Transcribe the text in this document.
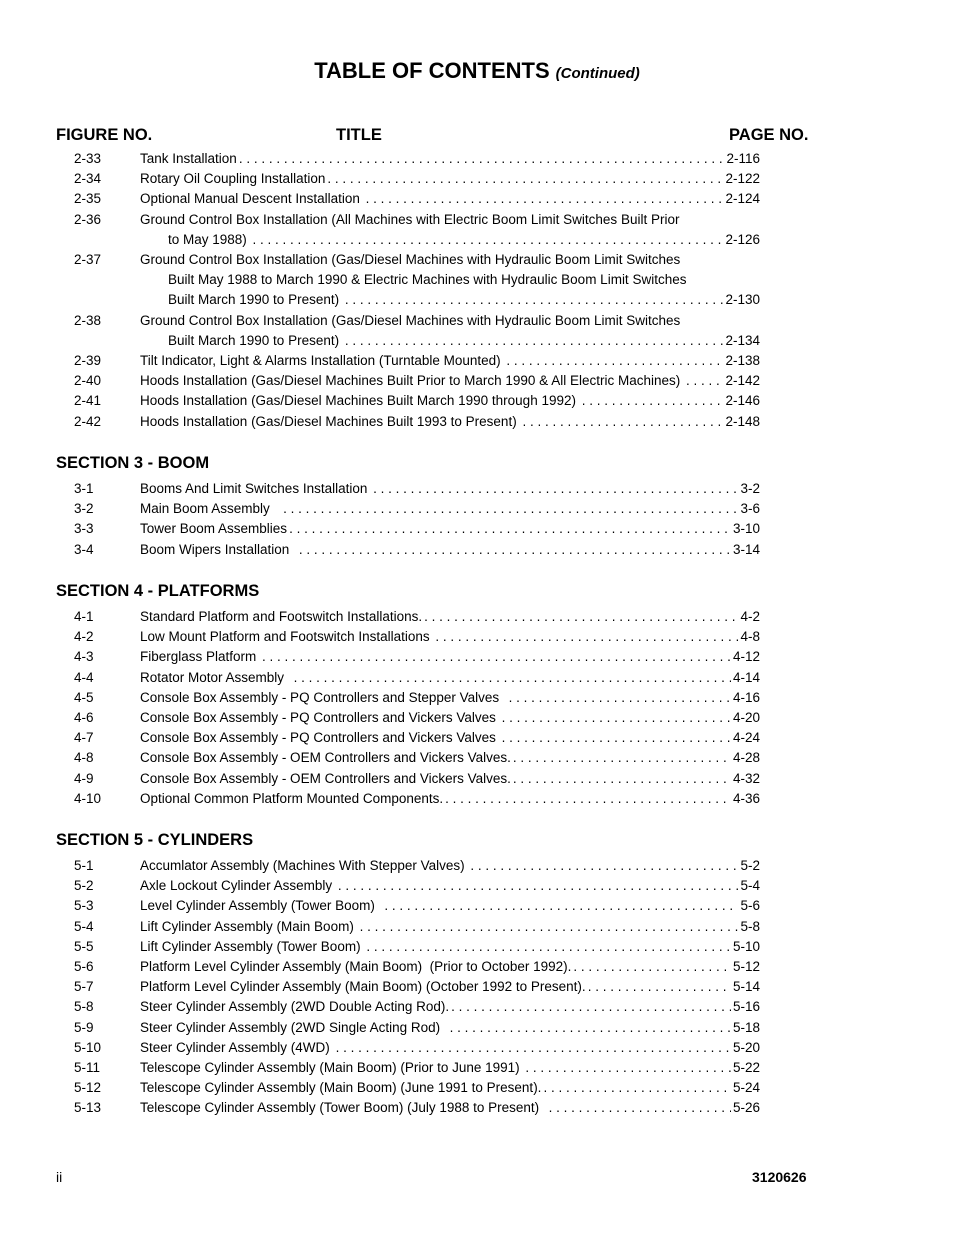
TABLE OF CONTENTS (Continued)
FIGURE NO.	TITLE	PAGE NO.
2-33	Tank Installation . . .	2-116
2-34	Rotary Oil Coupling Installation . . .	2-122
2-35	Optional Manual Descent Installation . . .	2-124
2-36	Ground Control Box Installation (All Machines with Electric Boom Limit Switches Built Prior
to May 1988) . . .	2-126
2-37	Ground Control Box Installation (Gas/Diesel Machines with Hydraulic Boom Limit Switches
Built May 1988 to March 1990 & Electric Machines with Hydraulic Boom Limit Switches
Built March 1990 to Present) . . .	2-130
2-38	Ground Control Box Installation (Gas/Diesel Machines with Hydraulic Boom Limit Switches
Built March 1990 to Present) . . .	2-134
2-39	Tilt Indicator, Light & Alarms Installation (Turntable Mounted) . . .	2-138
2-40	Hoods Installation (Gas/Diesel Machines Built Prior to March 1990 & All Electric Machines) . . .	2-142
2-41	Hoods Installation (Gas/Diesel Machines Built March 1990 through 1992) . . .	2-146
2-42	Hoods Installation (Gas/Diesel Machines Built 1993 to Present) . . .	2-148
SECTION 3 - BOOM
3-1	Booms And Limit Switches Installation . . .	3-2
3-2	Main Boom Assembly . . .	3-6
3-3	Tower Boom Assemblies . . .	3-10
3-4	Boom Wipers Installation . . .	3-14
SECTION 4 - PLATFORMS
4-1	Standard Platform and Footswitch Installations. . . .	4-2
4-2	Low Mount Platform and Footswitch Installations . . .	4-8
4-3	Fiberglass Platform . . .	4-12
4-4	Rotator Motor Assembly . . .	4-14
4-5	Console Box Assembly - PQ Controllers and Stepper Valves . . .	4-16
4-6	Console Box Assembly - PQ Controllers and Vickers Valves . . .	4-20
4-7	Console Box Assembly - PQ Controllers and Vickers Valves . . .	4-24
4-8	Console Box Assembly - OEM Controllers and Vickers Valves. . . .	4-28
4-9	Console Box Assembly - OEM Controllers and Vickers Valves. . . .	4-32
4-10	Optional Common Platform Mounted Components. . . .	4-36
SECTION 5 - CYLINDERS
5-1	Accumlator Assembly (Machines With Stepper Valves) . . .	5-2
5-2	Axle Lockout Cylinder Assembly . . .	5-4
5-3	Level Cylinder Assembly (Tower Boom) . . .	5-6
5-4	Lift Cylinder Assembly (Main Boom) . . .	5-8
5-5	Lift Cylinder Assembly (Tower Boom) . . .	5-10
5-6	Platform Level Cylinder Assembly (Main Boom)  (Prior to October 1992). . . .	5-12
5-7	Platform Level Cylinder Assembly (Main Boom) (October 1992 to Present). . . .	5-14
5-8	Steer Cylinder Assembly (2WD Double Acting Rod). . . .	5-16
5-9	Steer Cylinder Assembly (2WD Single Acting Rod) . . .	5-18
5-10	Steer Cylinder Assembly (4WD) . . .	5-20
5-11	Telescope Cylinder Assembly (Main Boom) (Prior to June 1991) . . .	5-22
5-12	Telescope Cylinder Assembly (Main Boom) (June 1991 to Present). . . .	5-24
5-13	Telescope Cylinder Assembly (Tower Boom) (July 1988 to Present) . . .	5-26
ii	3120626
